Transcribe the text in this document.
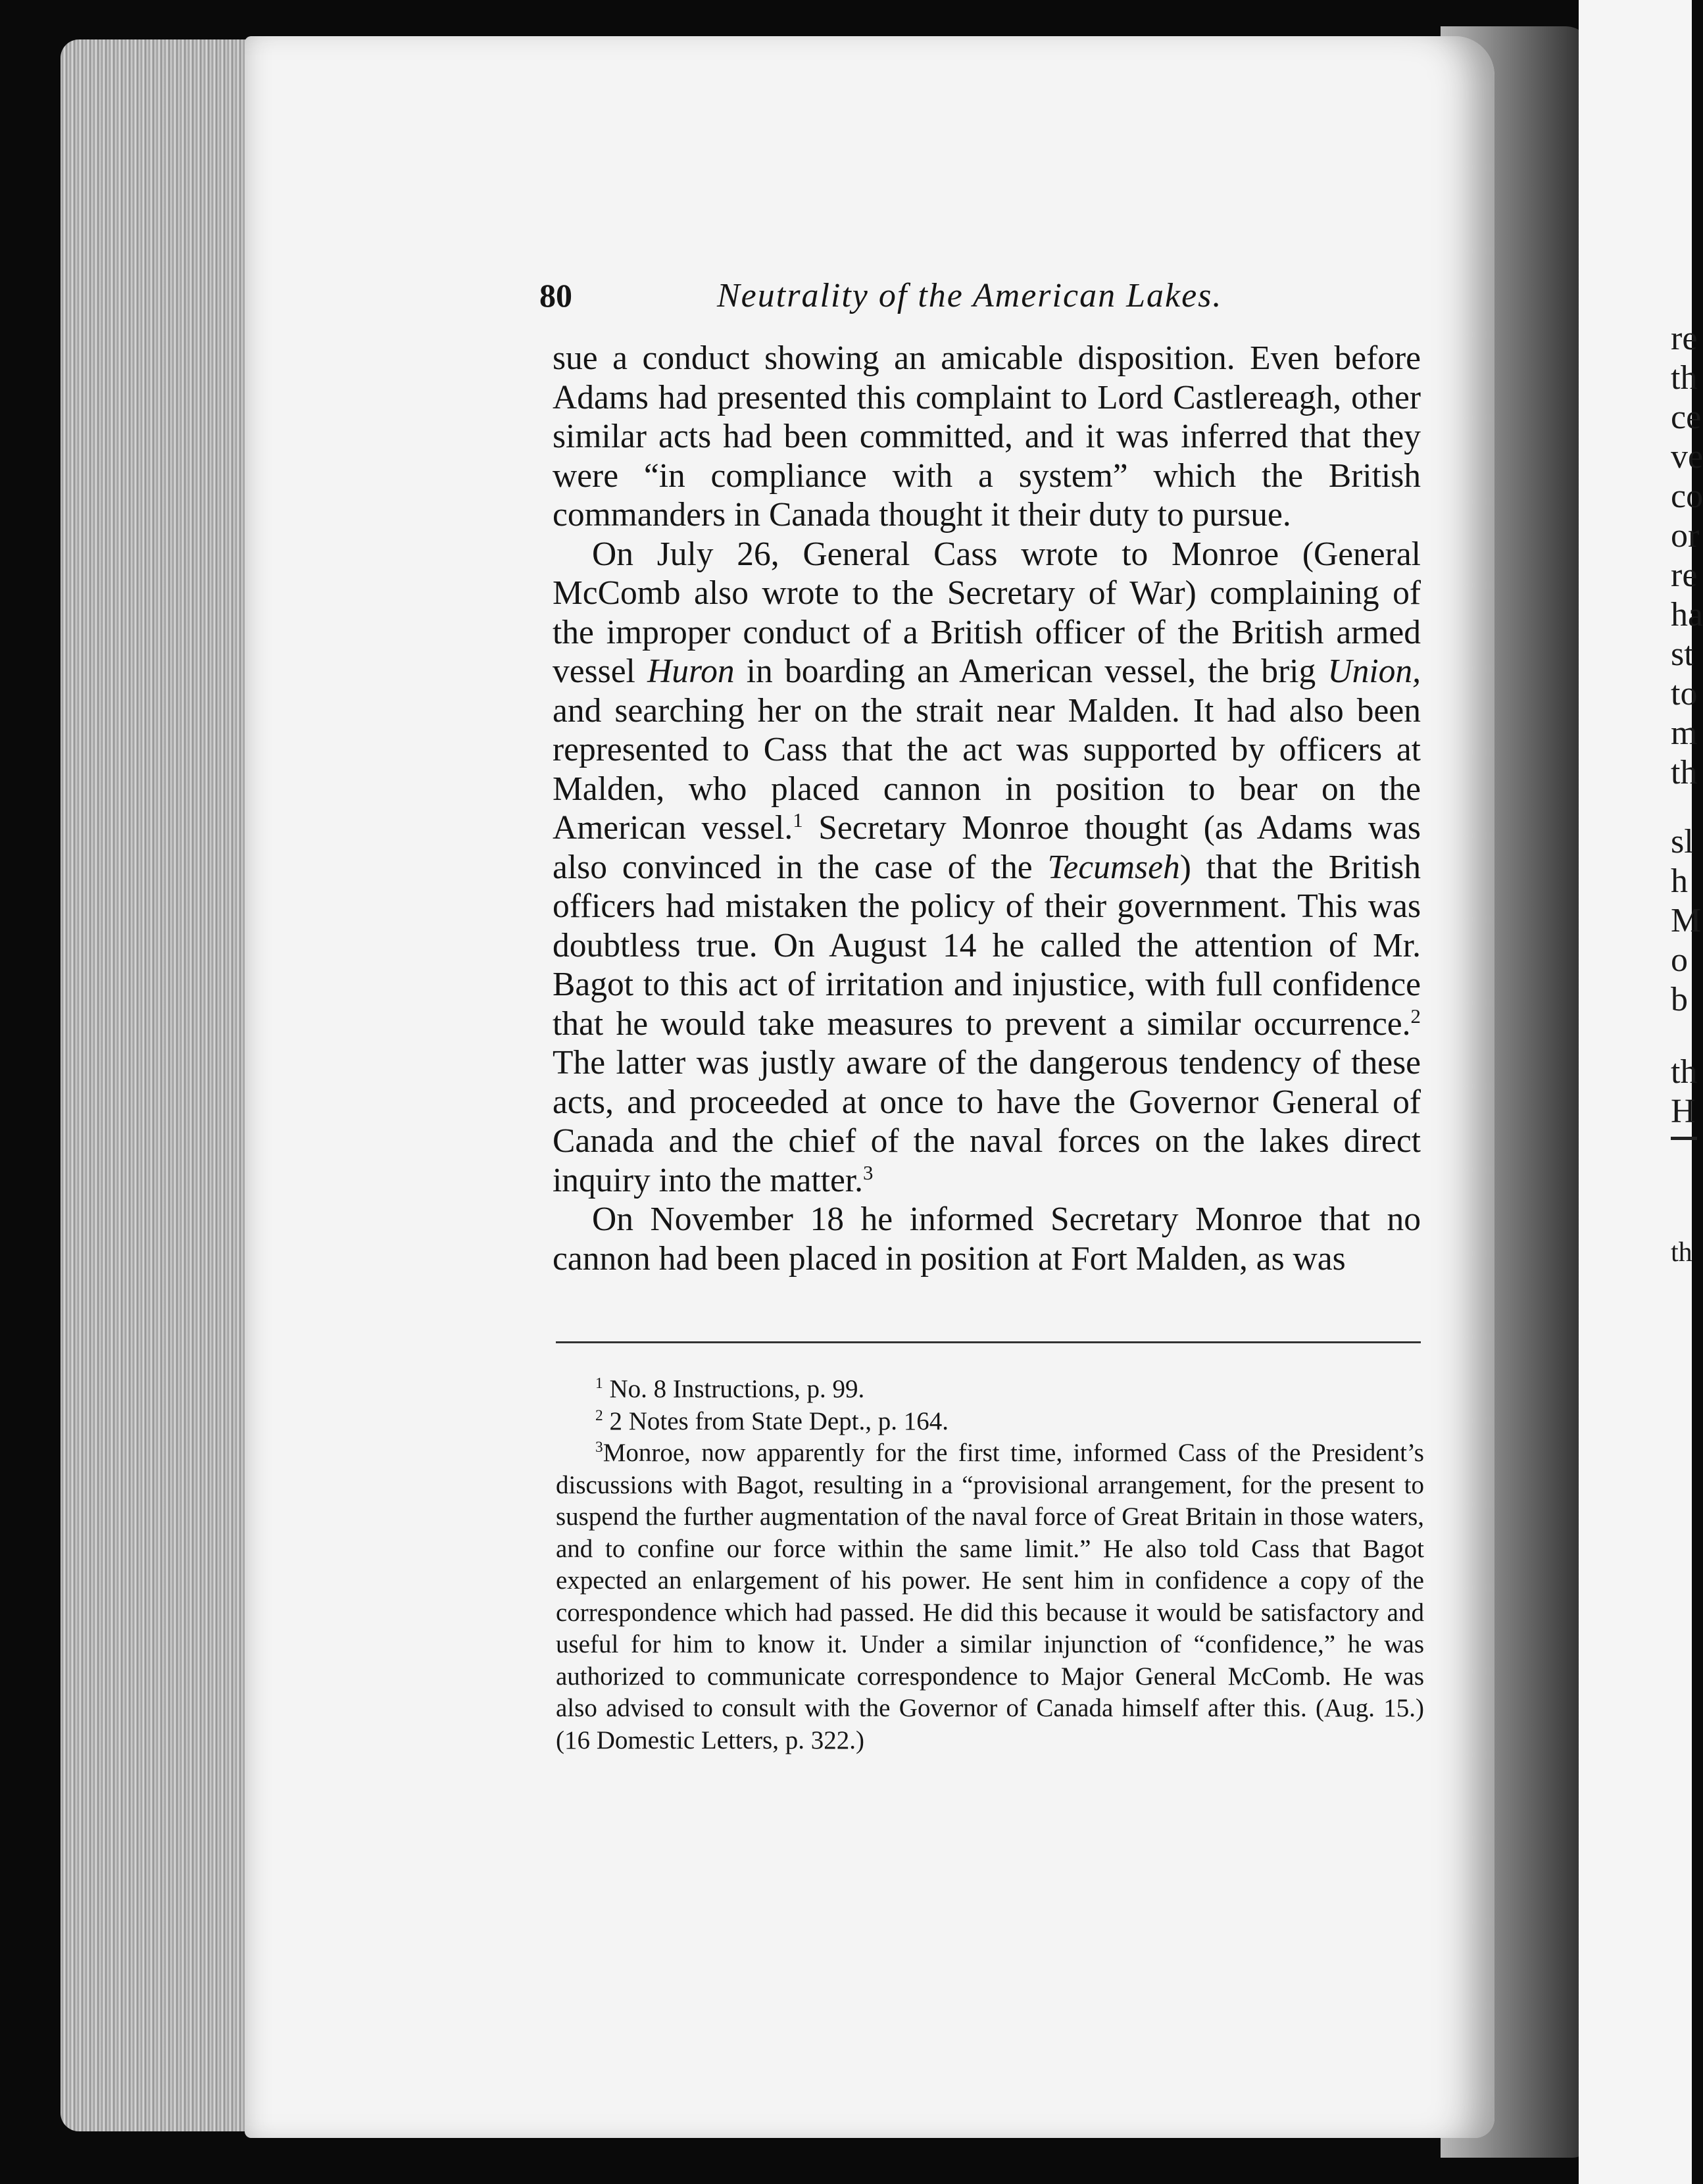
re
th
ce
ve
co
or
re
ha
st
to
m
th
sl
h
M
o
b
th
H
th
80	Neutrality of the American Lakes.

sue a conduct showing an amicable disposition. Even before Adams had presented this complaint to Lord Castlereagh, other similar acts had been committed, and it was inferred that they were “in compliance with a system” which the British commanders in Canada thought it their duty to pursue.

On July 26, General Cass wrote to Monroe (General McComb also wrote to the Secretary of War) complaining of the improper conduct of a British officer of the British armed vessel Huron in boarding an American vessel, the brig Union, and searching her on the strait near Malden. It had also been represented to Cass that the act was supported by officers at Malden, who placed cannon in position to bear on the American vessel.$^1$ Secretary Monroe thought (as Adams was also convinced in the case of the Tecumseh) that the British officers had mistaken the policy of their government. This was doubtless true. On August 14 he called the attention of Mr. Bagot to this act of irritation and injustice, with full confidence that he would take measures to prevent a similar occurrence.$^2$ The latter was justly aware of the dangerous tendency of these acts, and proceeded at once to have the Governor General of Canada and the chief of the naval forces on the lakes direct inquiry into the matter.$^3$

On November 18 he informed Secretary Monroe that no cannon had been placed in position at Fort Malden, as was

$^1$ No. 8 Instructions, p. 99.

$^2$ 2 Notes from State Dept., p. 164.

$^3$Monroe, now apparently for the first time, informed Cass of the President’s discussions with Bagot, resulting in a “provisional arrangement, for the present to suspend the further augmentation of the naval force of Great Britain in those waters, and to confine our force within the same limit.” He also told Cass that Bagot expected an enlargement of his power. He sent him in confidence a copy of the correspondence which had passed. He did this because it would be satisfactory and useful for him to know it. Under a similar injunction of “confidence,” he was authorized to communicate correspondence to Major General McComb. He was also advised to consult with the Governor of Canada himself after this. (Aug. 15.) (16 Domestic Letters, p. 322.)
